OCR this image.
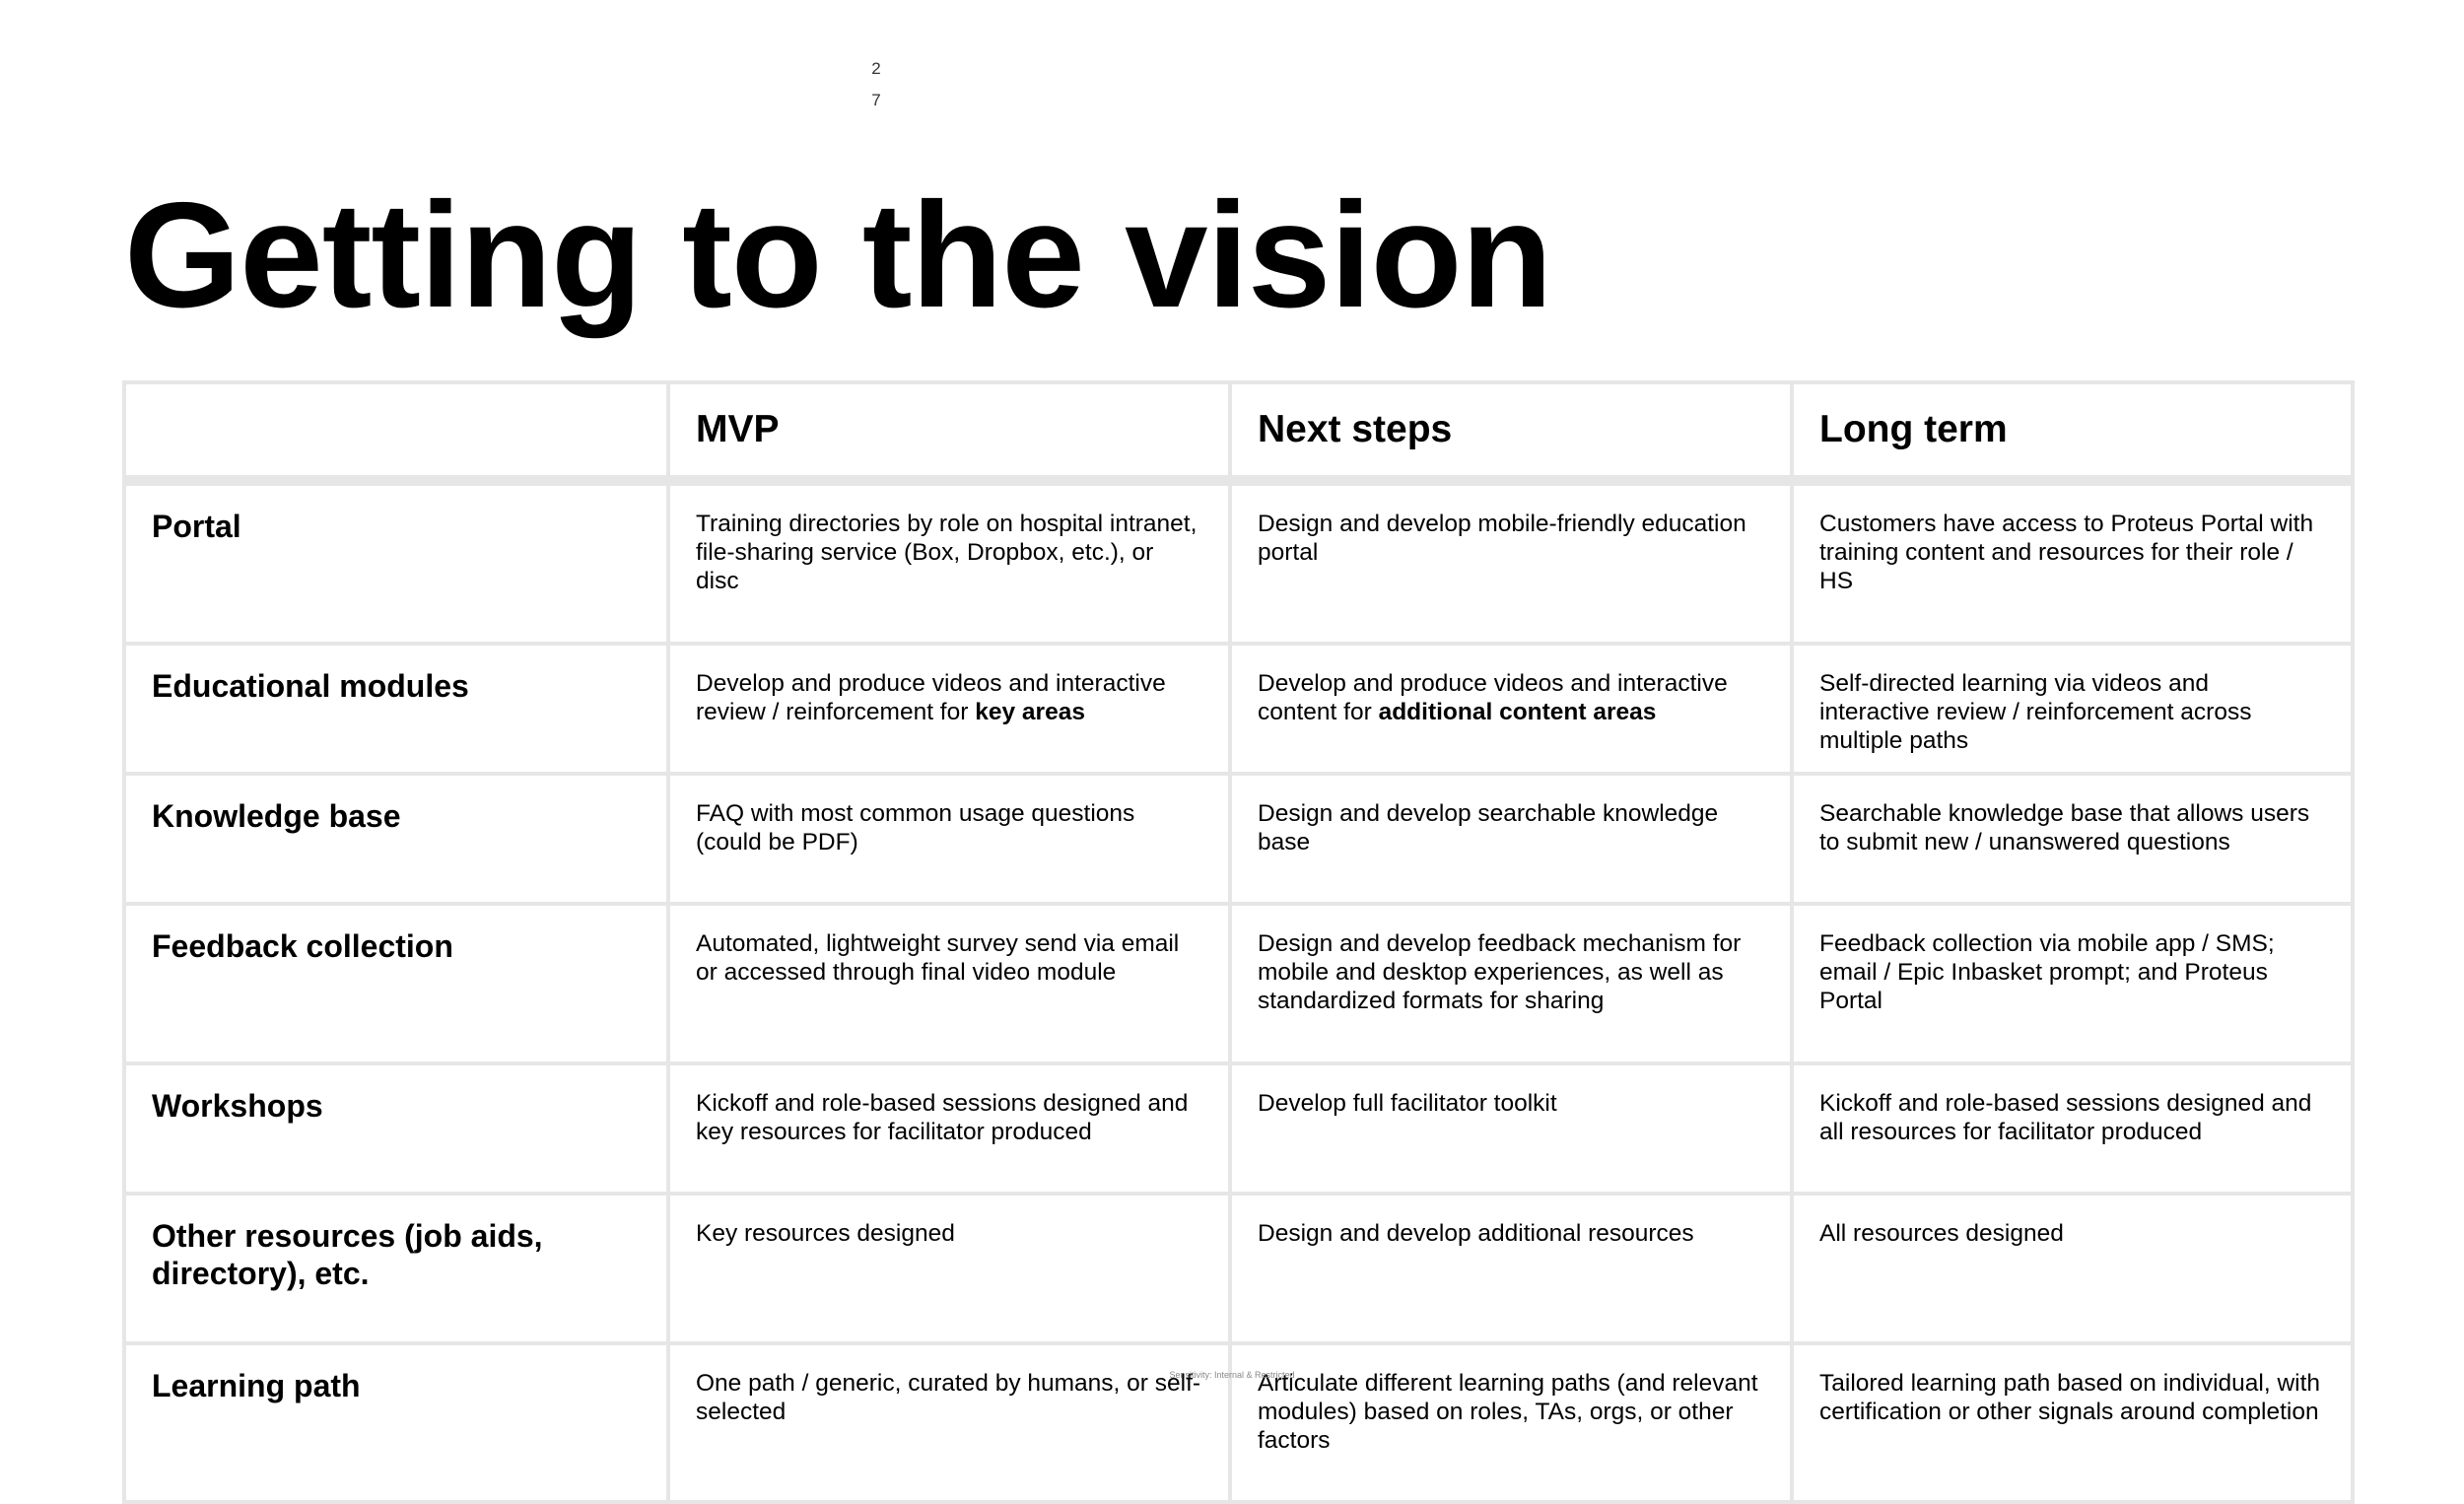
2
7
Getting to the vision
	MVP	Next steps	Long term
Portal	Training directories by role on hospital intranet, file-sharing service (Box, Dropbox, etc.), or disc	Design and develop mobile-friendly education portal	Customers have access to Proteus Portal with training content and resources for their role / HS
Educational modules	Develop and produce videos and interactive review / reinforcement for key areas	Develop and produce videos and interactive content for additional content areas	Self-directed learning via videos and interactive review / reinforcement across multiple paths
Knowledge base	FAQ with most common usage questions (could be PDF)	Design and develop searchable knowledge base	Searchable knowledge base that allows users to submit new / unanswered questions
Feedback collection	Automated, lightweight survey send via email or accessed through final video module	Design and develop feedback mechanism for mobile and desktop experiences, as well as standardized formats for sharing	Feedback collection via mobile app / SMS; email / Epic Inbasket prompt; and Proteus Portal
Workshops	Kickoff and role-based sessions designed and key resources for facilitator produced	Develop full facilitator toolkit	Kickoff and role-based sessions designed and all resources for facilitator produced
Other resources (job aids, directory), etc.	Key resources designed	Design and develop additional resources	All resources designed
Learning path	One path / generic, curated by humans, or self-selected	Articulate different learning paths (and relevant modules) based on roles, TAs, orgs, or other factors	Tailored learning path based on individual, with certification or other signals around completion
Sensitivity: Internal & Restricted
